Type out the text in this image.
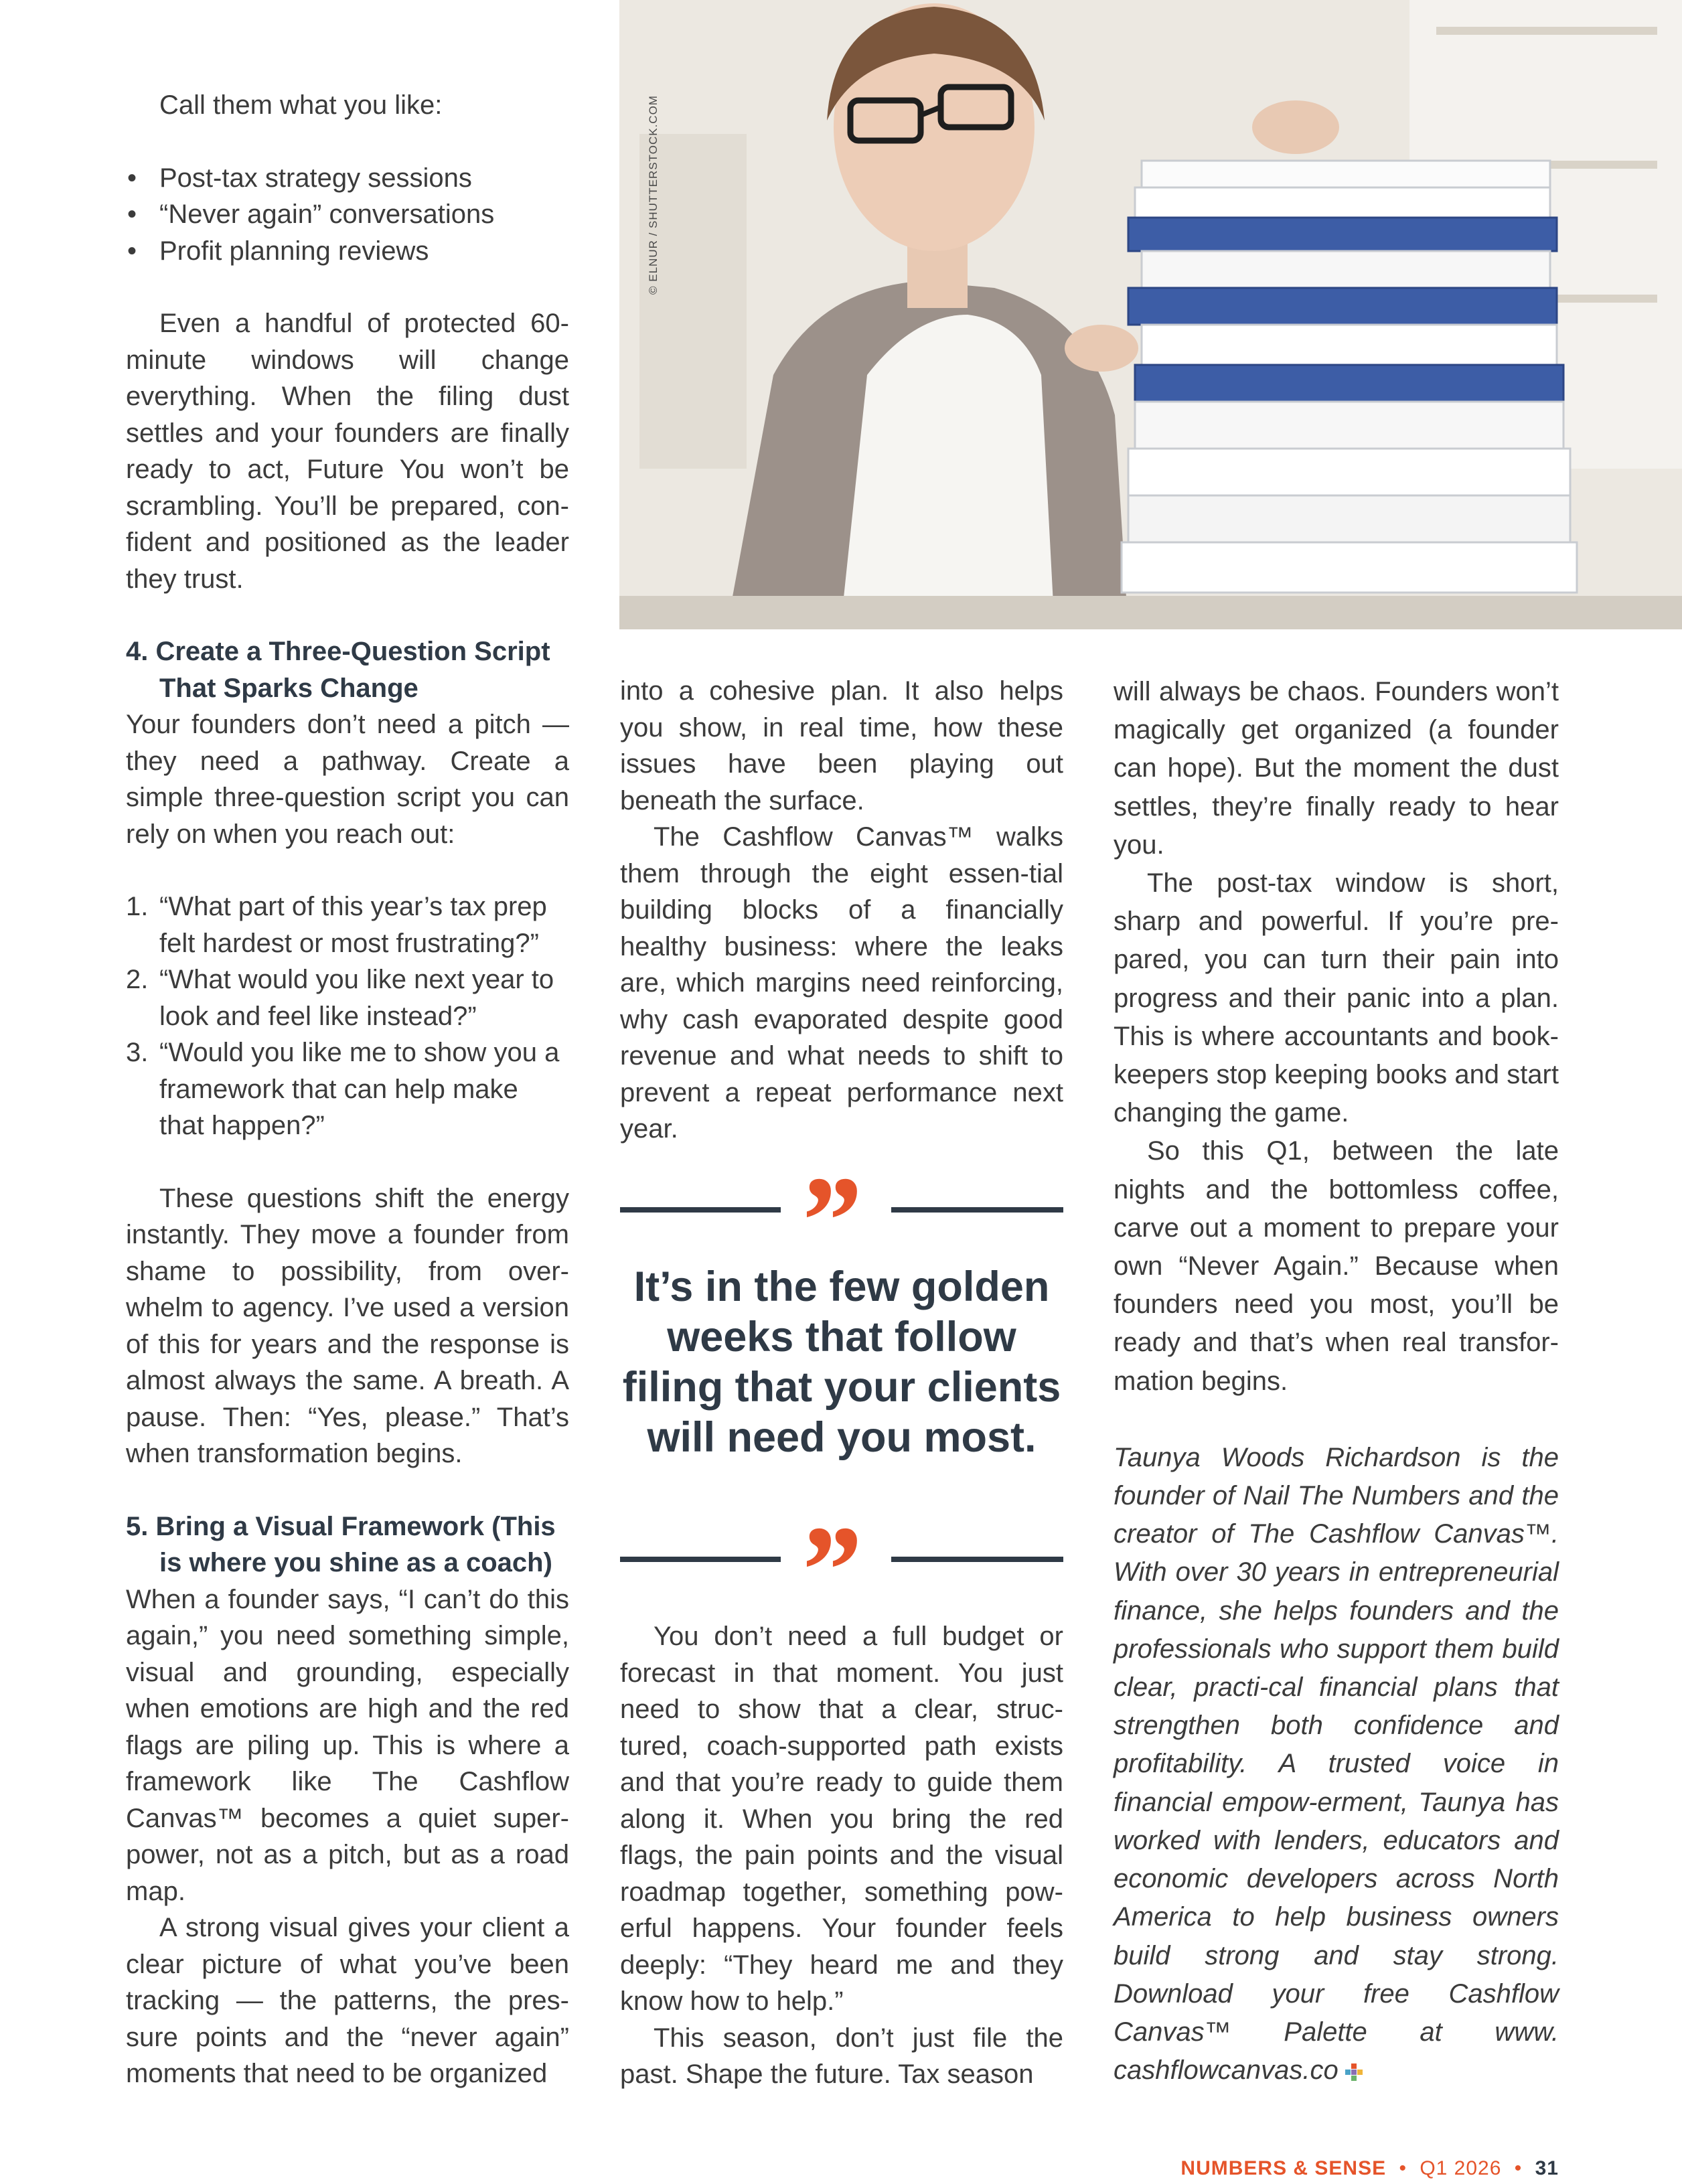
Call them what you like:

• Post-tax strategy sessions
• “Never again” conversations
• Profit planning reviews

Even a handful of protected 60-minute windows will change everything. When the filing dust settles and your founders are finally ready to act, Future You won’t be scrambling. You’ll be prepared, con-fident and positioned as the leader they trust.

4. Create a Three-Question Script That Sparks Change

Your founders don’t need a pitch — they need a pathway. Create a simple three-question script you can rely on when you reach out:

1. “What part of this year’s tax prep felt hardest or most frustrating?”
2. “What would you like next year to look and feel like instead?”
3. “Would you like me to show you a framework that can help make that happen?”

These questions shift the energy instantly. They move a founder from shame to possibility, from over-whelm to agency. I’ve used a version of this for years and the response is almost always the same. A breath. A pause. Then: “Yes, please.” That’s when transformation begins.

5. Bring a Visual Framework (This is where you shine as a coach)

When a founder says, “I can’t do this again,” you need something simple, visual and grounding, especially when emotions are high and the red flags are piling up. This is where a framework like The Cashflow Canvas™ becomes a quiet super-power, not as a pitch, but as a road map.

A strong visual gives your client a clear picture of what you’ve been tracking — the patterns, the pres-sure points and the “never again” moments that need to be organized

© ELNUR / SHUTTERSTOCK.COM

into a cohesive plan. It also helps you show, in real time, how these issues have been playing out beneath the surface.

The Cashflow Canvas™ walks them through the eight essen-tial building blocks of a financially healthy business: where the leaks are, which margins need reinforcing, why cash evaporated despite good revenue and what needs to shift to prevent a repeat performance next year.

”
It’s in the few golden weeks that follow filing that your clients will need you most.
”

You don’t need a full budget or forecast in that moment. You just need to show that a clear, struc-tured, coach-supported path exists and that you’re ready to guide them along it. When you bring the red flags, the pain points and the visual roadmap together, something pow-erful happens. Your founder feels deeply: “They heard me and they know how to help.”

This season, don’t just file the past. Shape the future. Tax season

will always be chaos. Founders won’t magically get organized (a founder can hope). But the moment the dust settles, they’re finally ready to hear you.

The post-tax window is short, sharp and powerful. If you’re pre-pared, you can turn their pain into progress and their panic into a plan. This is where accountants and book-keepers stop keeping books and start changing the game.

So this Q1, between the late nights and the bottomless coffee, carve out a moment to prepare your own “Never Again.” Because when founders need you most, you’ll be ready and that’s when real transfor-mation begins.

Taunya Woods Richardson is the founder of Nail The Numbers and the creator of The Cashflow Canvas™. With over 30 years in entrepreneurial finance, she helps founders and the professionals who support them build clear, practi-cal financial plans that strengthen both confidence and profitability. A trusted voice in financial empow-erment, Taunya has worked with lenders, educators and economic developers across North America to help business owners build strong and stay strong. Download your free Cashflow Canvas™ Palette at www. cashflowcanvas.co

NUMBERS & SENSE • Q1 2026 • 31
